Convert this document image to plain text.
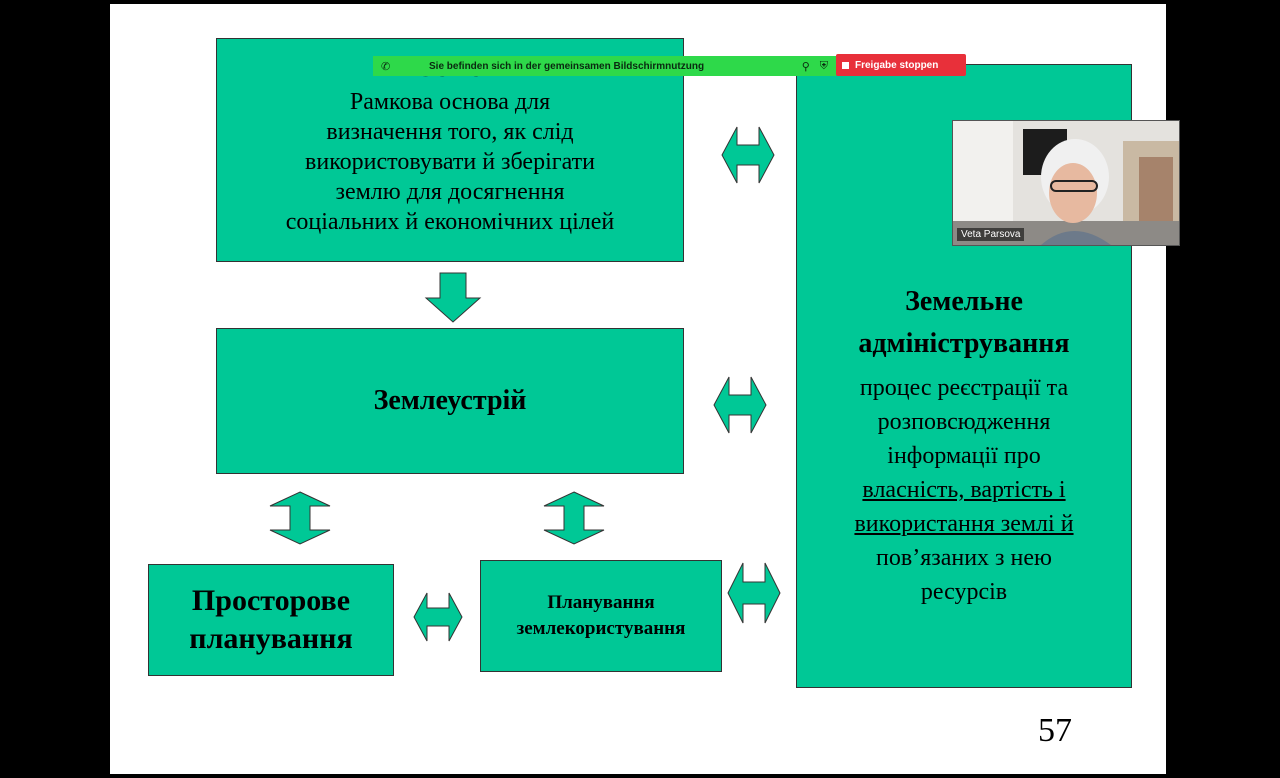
Рамкова основа для
визначення того, як слід
використовувати й зберігати
землю для досягнення
соціальних й економічних цілей
Землеустрій
Просторове
планування
Планування
землекористування
Земельне
адміністрування
процес реєстрації та
розповсюдження
інформації про
власність, вартість і
використання землі й
пов’язаних з нею
ресурсів
57
✆	Sie befinden sich in der gemeinsamen Bildschirmnutzung	⚲ ⛨	Freigabe stoppen
Veta Parsova
